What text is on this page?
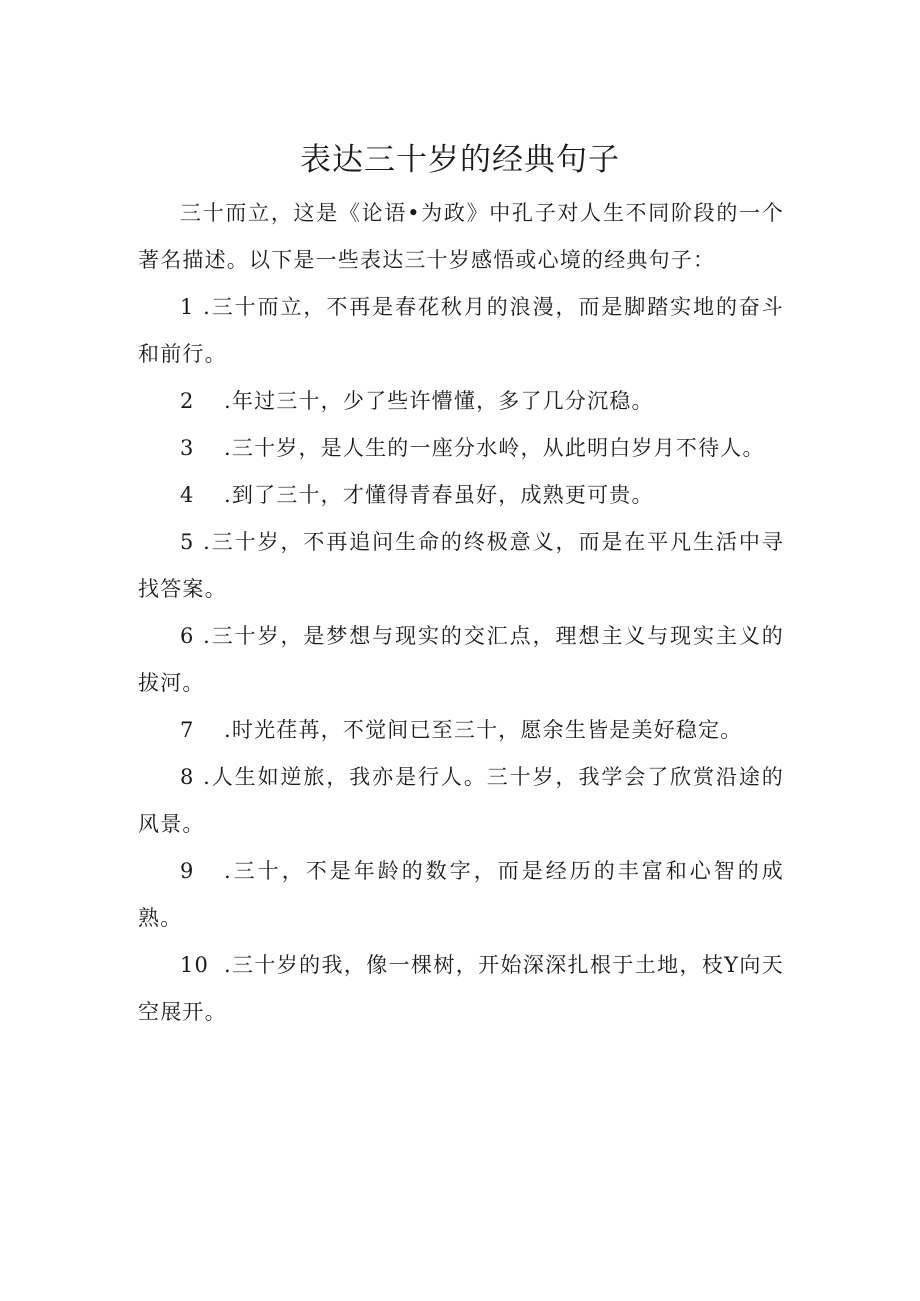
表达三十岁的经典句子

三十而立，这是《论语•为政》中孔子对人生不同阶段的一个著名描述。以下是一些表达三十岁感悟或心境的经典句子：

1 .三十而立，不再是春花秋月的浪漫，而是脚踏实地的奋斗和前行。

2 .年过三十，少了些许懵懂，多了几分沉稳。

3 .三十岁，是人生的一座分水岭，从此明白岁月不待人。

4 .到了三十，才懂得青春虽好，成熟更可贵。

5 .三十岁，不再追问生命的终极意义，而是在平凡生活中寻找答案。

6 .三十岁，是梦想与现实的交汇点，理想主义与现实主义的拔河。

7 .时光荏苒，不觉间已至三十，愿余生皆是美好稳定。

8 .人生如逆旅，我亦是行人。三十岁，我学会了欣赏沿途的风景。

9 .三十，不是年龄的数字，而是经历的丰富和心智的成熟。

10 .三十岁的我，像一棵树，开始深深扎根于土地，枝Y向天空展开。
